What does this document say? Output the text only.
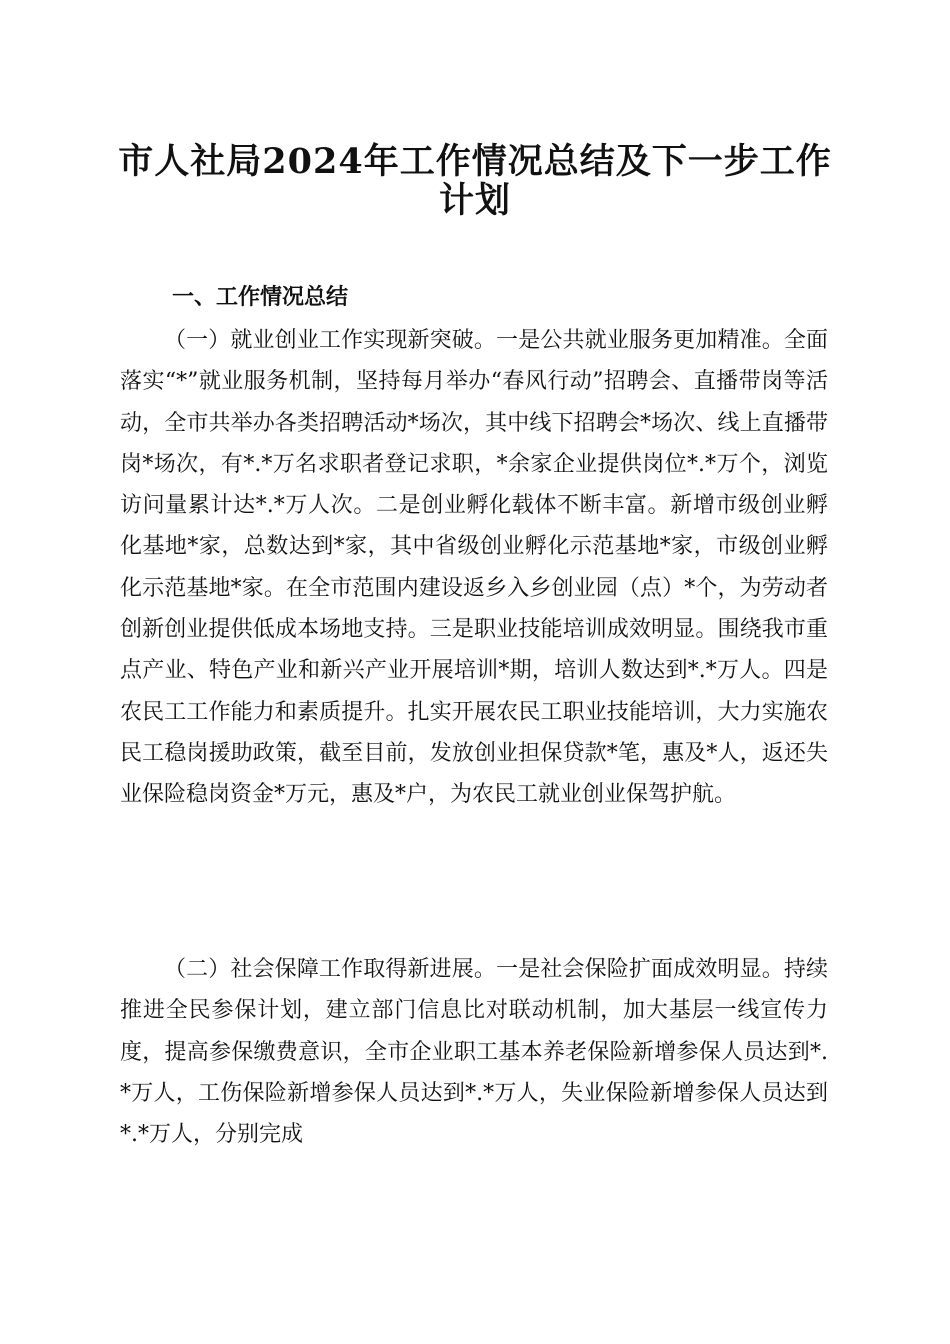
市人社局2024年工作情况总结及下一步工作
计划
一、工作情况总结

（一）就业创业工作实现新突破。一是公共就业服务更加精准。全面落实“*”就业服务机制，坚持每月举办“春风行动”招聘会、直播带岗等活动，全市共举办各类招聘活动*场次，其中线下招聘会*场次、线上直播带岗*场次，有*.*万名求职者登记求职，*余家企业提供岗位*.*万个，浏览访问量累计达*.*万人次。二是创业孵化载体不断丰富。新增市级创业孵化基地*家，总数达到*家，其中省级创业孵化示范基地*家，市级创业孵化示范基地*家。在全市范围内建设返乡入乡创业园（点）*个，为劳动者创新创业提供低成本场地支持。三是职业技能培训成效明显。围绕我市重点产业、特色产业和新兴产业开展培训*期，培训人数达到*.*万人。四是农民工工作能力和素质提升。扎实开展农民工职业技能培训，大力实施农民工稳岗援助政策，截至目前，发放创业担保贷款*笔，惠及*人，返还失业保险稳岗资金*万元，惠及*户，为农民工就业创业保驾护航。

（二）社会保障工作取得新进展。一是社会保险扩面成效明显。持续推进全民参保计划，建立部门信息比对联动机制，加大基层一线宣传力度，提高参保缴费意识，全市企业职工基本养老保险新增参保人员达到*.*万人，工伤保险新增参保人员达到*.*万人，失业保险新增参保人员达到*.*万人，分别完成
